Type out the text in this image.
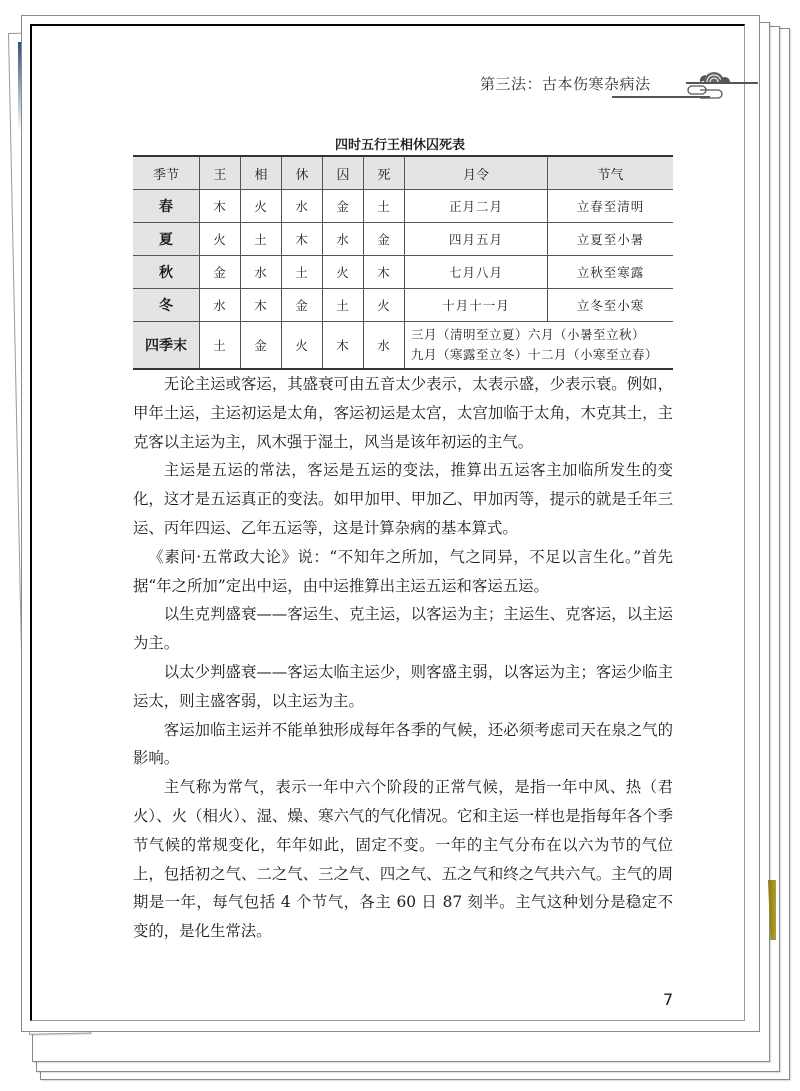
第三法：古本伤寒杂病法
四时五行王相休囚死表
季节	王	相	休	囚	死	月令	节气
春	木	火	水	金	土	正月二月	立春至清明
夏	火	土	木	水	金	四月五月	立夏至小暑
秋	金	水	土	火	木	七月八月	立秋至寒露
冬	水	木	金	土	火	十月十一月	立冬至小寒
四季末	土	金	火	木	水	三月（清明至立夏）六月（小暑至立秋）
九月（寒露至立冬）十二月（小寒至立春）	

无论主运或客运，其盛衰可由五音太少表示，太表示盛，少表示衰。例如，甲年土运，主运初运是太角，客运初运是太宫，太宫加临于太角，木克其土，主克客以主运为主，风木强于湿土，风当是该年初运的主气。

主运是五运的常法，客运是五运的变法，推算出五运客主加临所发生的变化，这才是五运真正的变法。如甲加甲、甲加乙、甲加丙等，提示的就是壬年三运、丙年四运、乙年五运等，这是计算杂病的基本算式。

《素问·五常政大论》说：“不知年之所加，气之同异，不足以言生化。”首先据“年之所加”定出中运，由中运推算出主运五运和客运五运。

以生克判盛衰——客运生、克主运，以客运为主；主运生、克客运，以主运为主。

以太少判盛衰——客运太临主运少，则客盛主弱，以客运为主；客运少临主运太，则主盛客弱，以主运为主。

客运加临主运并不能单独形成每年各季的气候，还必须考虑司天在泉之气的影响。

主气称为常气，表示一年中六个阶段的正常气候，是指一年中风、热（君火）、火（相火）、湿、燥、寒六气的气化情况。它和主运一样也是指每年各个季节气候的常规变化，年年如此，固定不变。一年的主气分布在以六为节的气位上，包括初之气、二之气、三之气、四之气、五之气和终之气共六气。主气的周期是一年，每气包括 4 个节气，各主 60 日 87 刻半。主气这种划分是稳定不变的，是化生常法。

7
